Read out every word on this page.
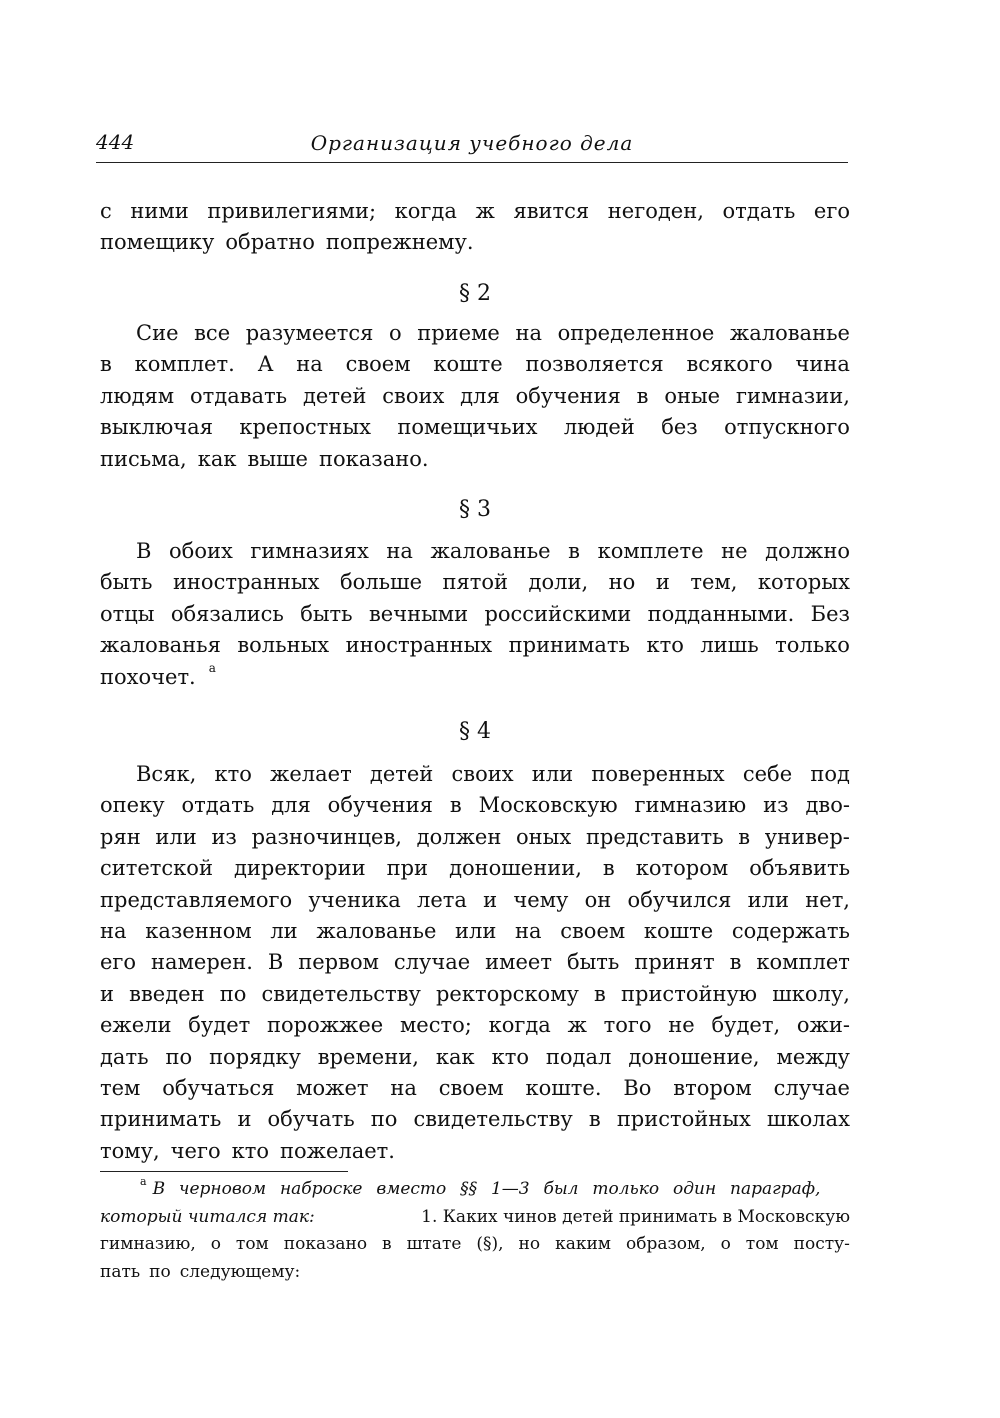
444	Организация учебного дела
с ними привилегиями; когда ж явится негоден, отдать его
помещику обратно попрежнему.
§ 2
Сие все разумеется о приеме на определенное жалованье
в комплет. А на своем коште позволяется всякого чина
людям отдавать детей своих для обучения в оные гимназии,
выключая крепостных помещичьих людей без отпускного
письма, как выше показано.
§ 3
В обоих гимназиях на жалованье в комплете не должно
быть иностранных больше пятой доли, но и тем, которых
отцы обязались быть вечными российскими подданными. Без
жалованья вольных иностранных принимать кто лишь только
похочет. а
§ 4
Всяк, кто желает детей своих или поверенных себе под
опеку отдать для обучения в Московскую гимназию из дво-
рян или из разночинцев, должен оных представить в универ-
ситетской директории при доношении, в котором объявить
представляемого ученика лета и чему он обучился или нет,
на казенном ли жалованье или на своем коште содержать
его намерен. В первом случае имеет быть принят в комплет
и введен по свидетельству ректорскому в пристойную школу,
ежели будет порожжее место; когда ж того не будет, ожи-
дать по порядку времени, как кто подал доношение, между
тем обучаться может на своем коште. Во втором случае
принимать и обучать по свидетельству в пристойных школах
тому, чего кто пожелает.
$^а$ В черновом наброске вместо §§ 1—3 был только один параграф,
который читался так:	1. Каких чинов детей принимать в Московскую
гимназию, о том показано в штате (§), но каким образом, о том посту-
пать по следующему:
